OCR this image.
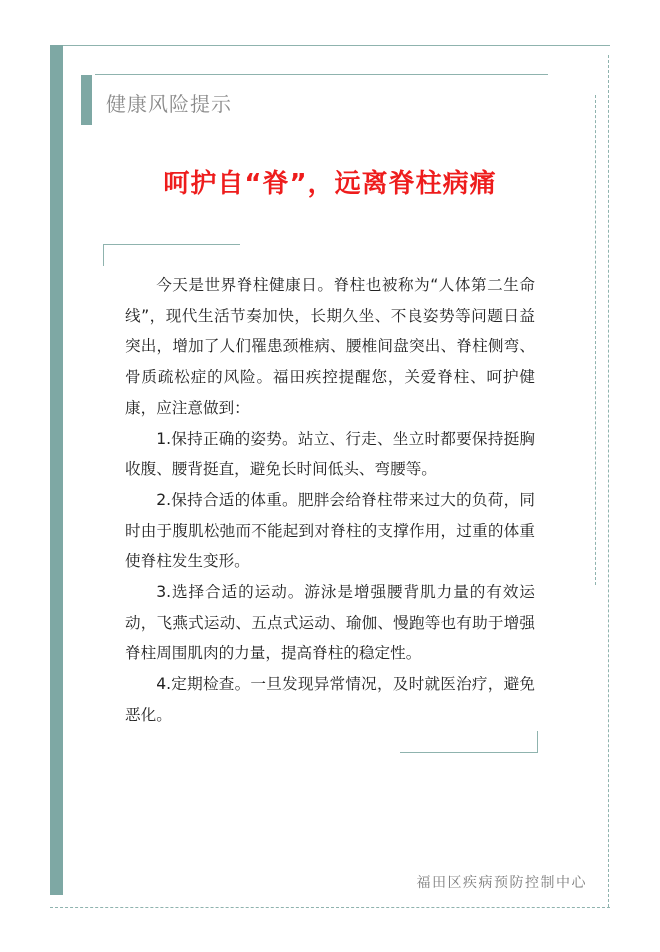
健康风险提示
呵护自“脊”，远离脊柱病痛

今天是世界脊柱健康日。脊柱也被称为“人体第二生命线”，现代生活节奏加快，长期久坐、不良姿势等问题日益突出，增加了人们罹患颈椎病、腰椎间盘突出、脊柱侧弯、骨质疏松症的风险。福田疾控提醒您，关爱脊柱、呵护健康，应注意做到：

1.保持正确的姿势。站立、行走、坐立时都要保持挺胸收腹、腰背挺直，避免长时间低头、弯腰等。

2.保持合适的体重。肥胖会给脊柱带来过大的负荷，同时由于腹肌松弛而不能起到对脊柱的支撑作用，过重的体重使脊柱发生变形。

3.选择合适的运动。游泳是增强腰背肌力量的有效运动，飞燕式运动、五点式运动、瑜伽、慢跑等也有助于增强脊柱周围肌肉的力量，提高脊柱的稳定性。

4.定期检查。一旦发现异常情况，及时就医治疗，避免恶化。

福田区疾病预防控制中心
